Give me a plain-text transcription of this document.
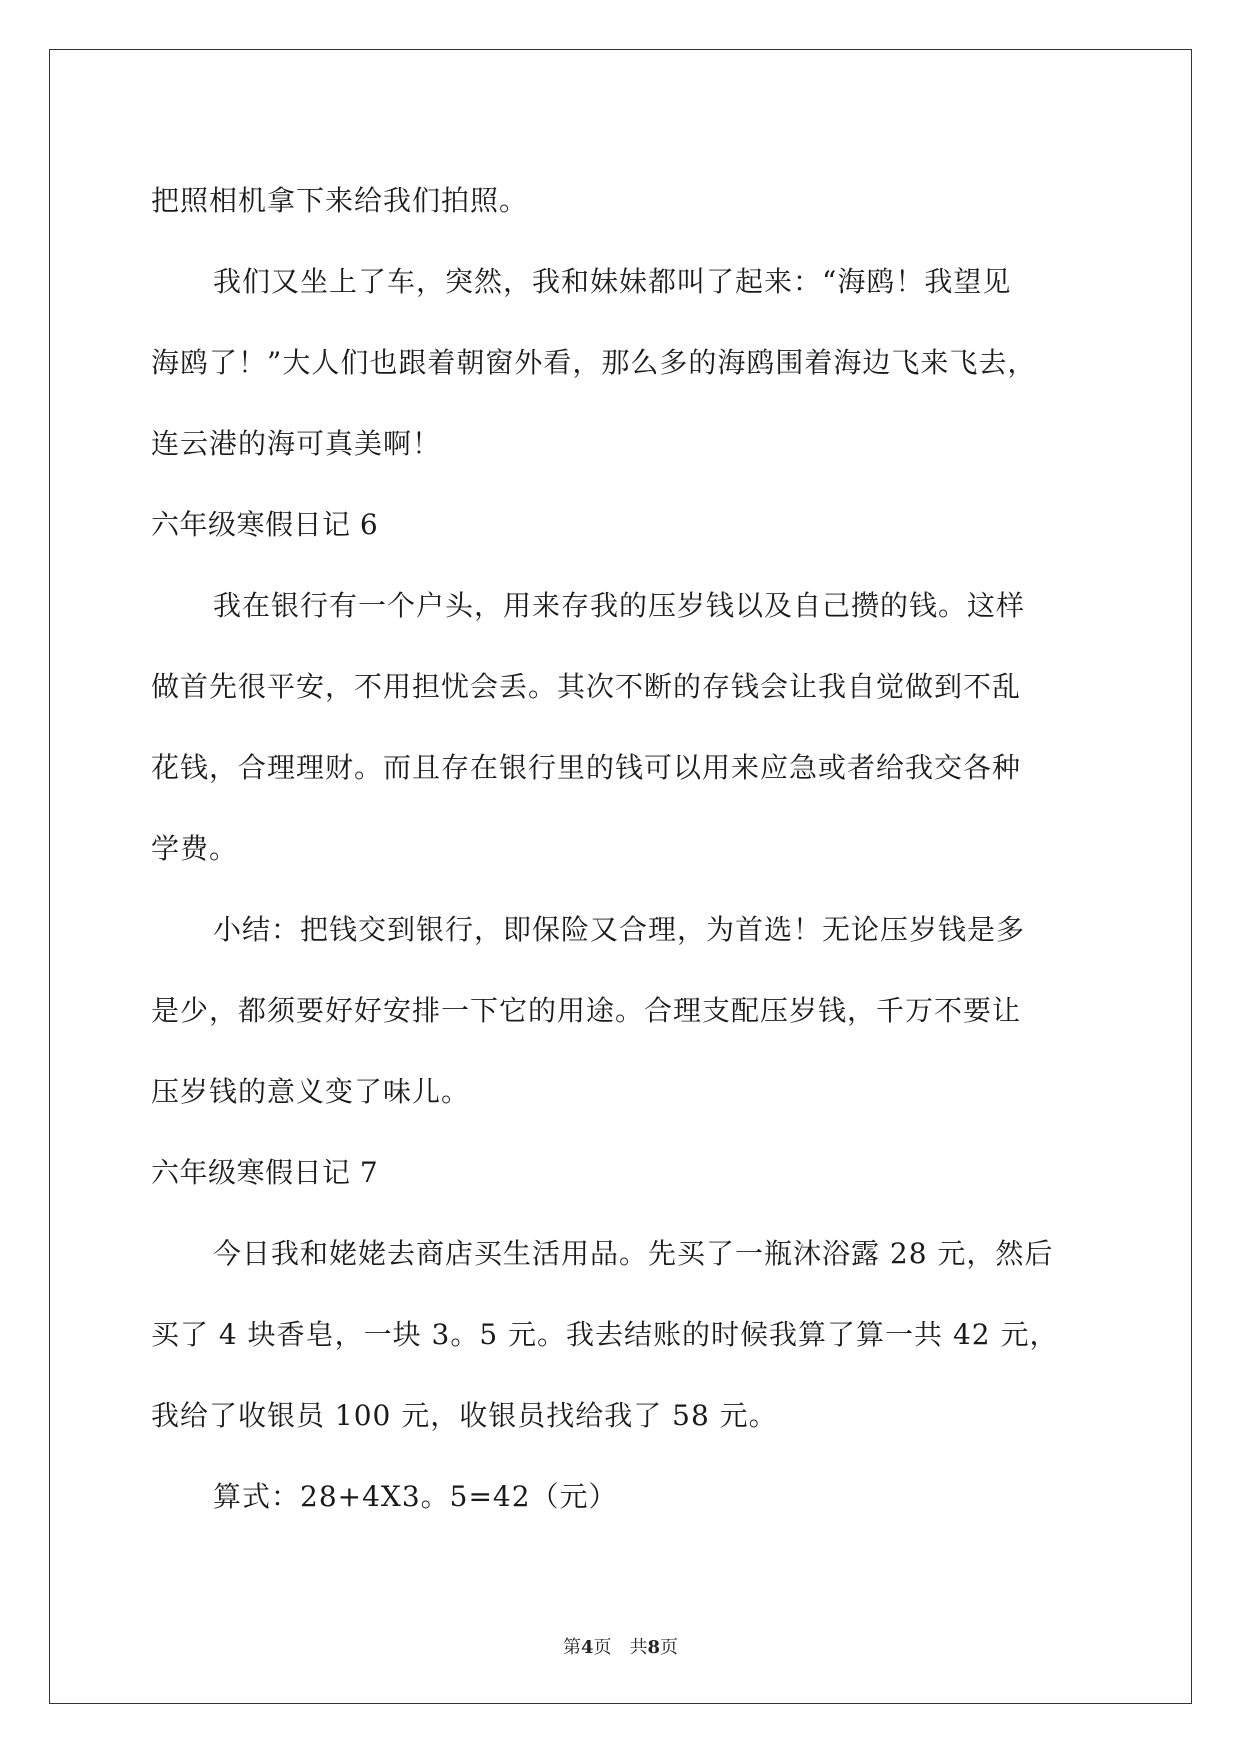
把照相机拿下来给我们拍照。
我们又坐上了车，突然，我和妹妹都叫了起来：“海鸥！我望见
海鸥了！”大人们也跟着朝窗外看，那么多的海鸥围着海边飞来飞去，
连云港的海可真美啊！
六年级寒假日记 6
我在银行有一个户头，用来存我的压岁钱以及自己攒的钱。这样
做首先很平安，不用担忧会丢。其次不断的存钱会让我自觉做到不乱
花钱，合理理财。而且存在银行里的钱可以用来应急或者给我交各种
学费。
小结：把钱交到银行，即保险又合理，为首选！无论压岁钱是多
是少，都须要好好安排一下它的用途。合理支配压岁钱，千万不要让
压岁钱的意义变了味儿。
六年级寒假日记 7
今日我和姥姥去商店买生活用品。先买了一瓶沐浴露 28 元，然后
买了 4 块香皂，一块 3。5 元。我去结账的时候我算了算一共 42 元，
我给了收银员 100 元，收银员找给我了 58 元。
算式：28+4X3。5=42（元）
第4页 共8页
